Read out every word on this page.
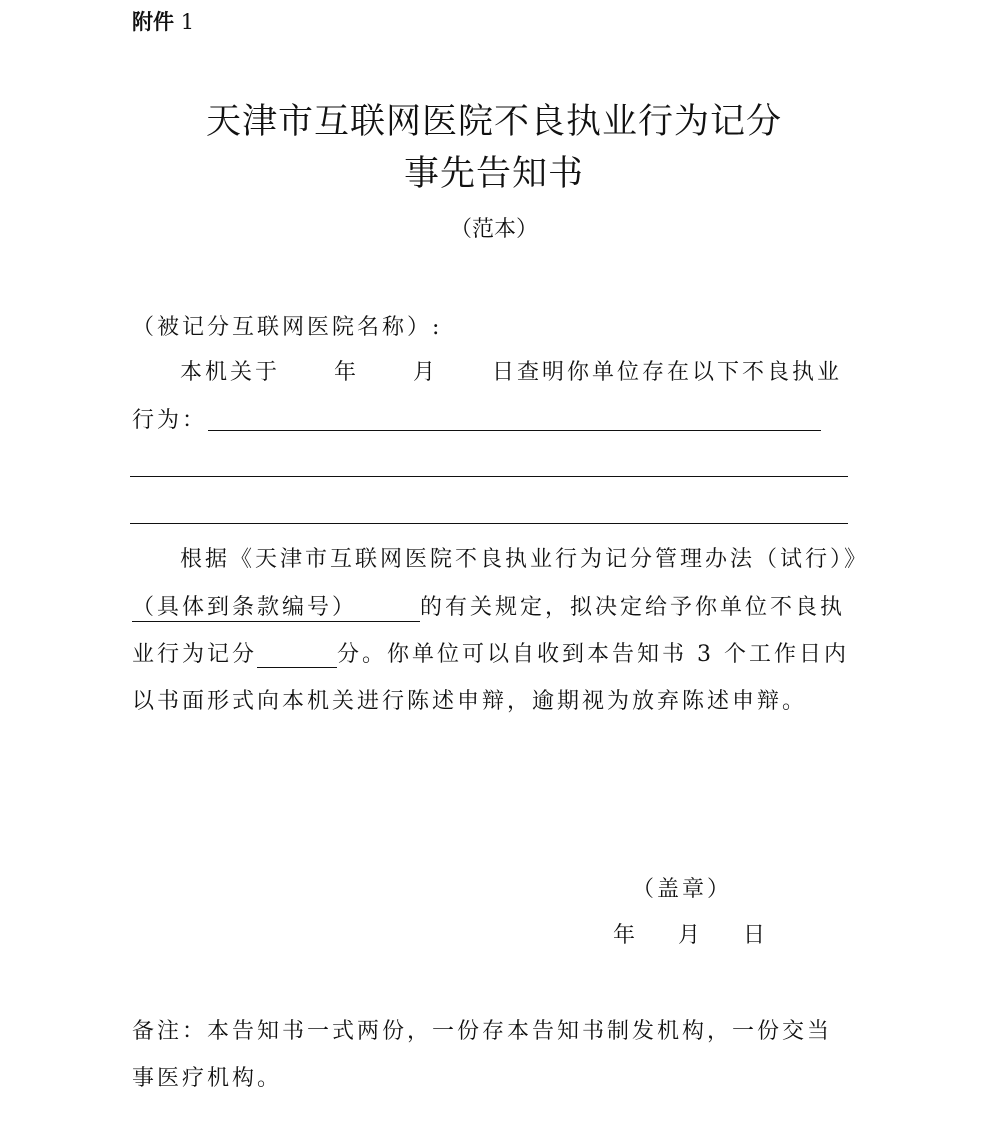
附件 1
天津市互联网医院不良执业行为记分
事先告知书
（范本）
（被记分互联网医院名称）:
本机关于 年 月 日查明你单位存在以下不良执业
行为：
根据《天津市互联网医院不良执业行为记分管理办法（试行）》
（具体到条款编号）	的有关规定，拟决定给予你单位不良执
业行为记分	分。你单位可以自收到本告知书 3 个工作日内
以书面形式向本机关进行陈述申辩，逾期视为放弃陈述申辩。
（盖章）
年 月 日
备注：本告知书一式两份，一份存本告知书制发机构，一份交当
事医疗机构。
